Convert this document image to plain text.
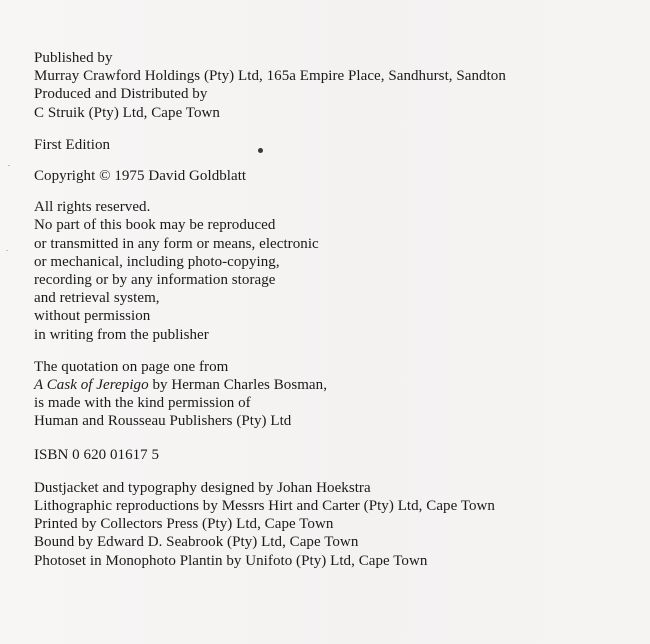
Published by
Murray Crawford Holdings (Pty) Ltd, 165a Empire Place, Sandhurst, Sandton
Produced and Distributed by
C Struik (Pty) Ltd, Cape Town
First Edition
Copyright © 1975 David Goldblatt
All rights reserved.
No part of this book may be reproduced
or transmitted in any form or means, electronic
or mechanical, including photo-copying,
recording or by any information storage
and retrieval system,
without permission
in writing from the publisher
The quotation on page one from
A Cask of Jerepigo by Herman Charles Bosman,
is made with the kind permission of
Human and Rousseau Publishers (Pty) Ltd
ISBN 0 620 01617 5
Dustjacket and typography designed by Johan Hoekstra
Lithographic reproductions by Messrs Hirt and Carter (Pty) Ltd, Cape Town
Printed by Collectors Press (Pty) Ltd, Cape Town
Bound by Edward D. Seabrook (Pty) Ltd, Cape Town
Photoset in Monophoto Plantin by Unifoto (Pty) Ltd, Cape Town
